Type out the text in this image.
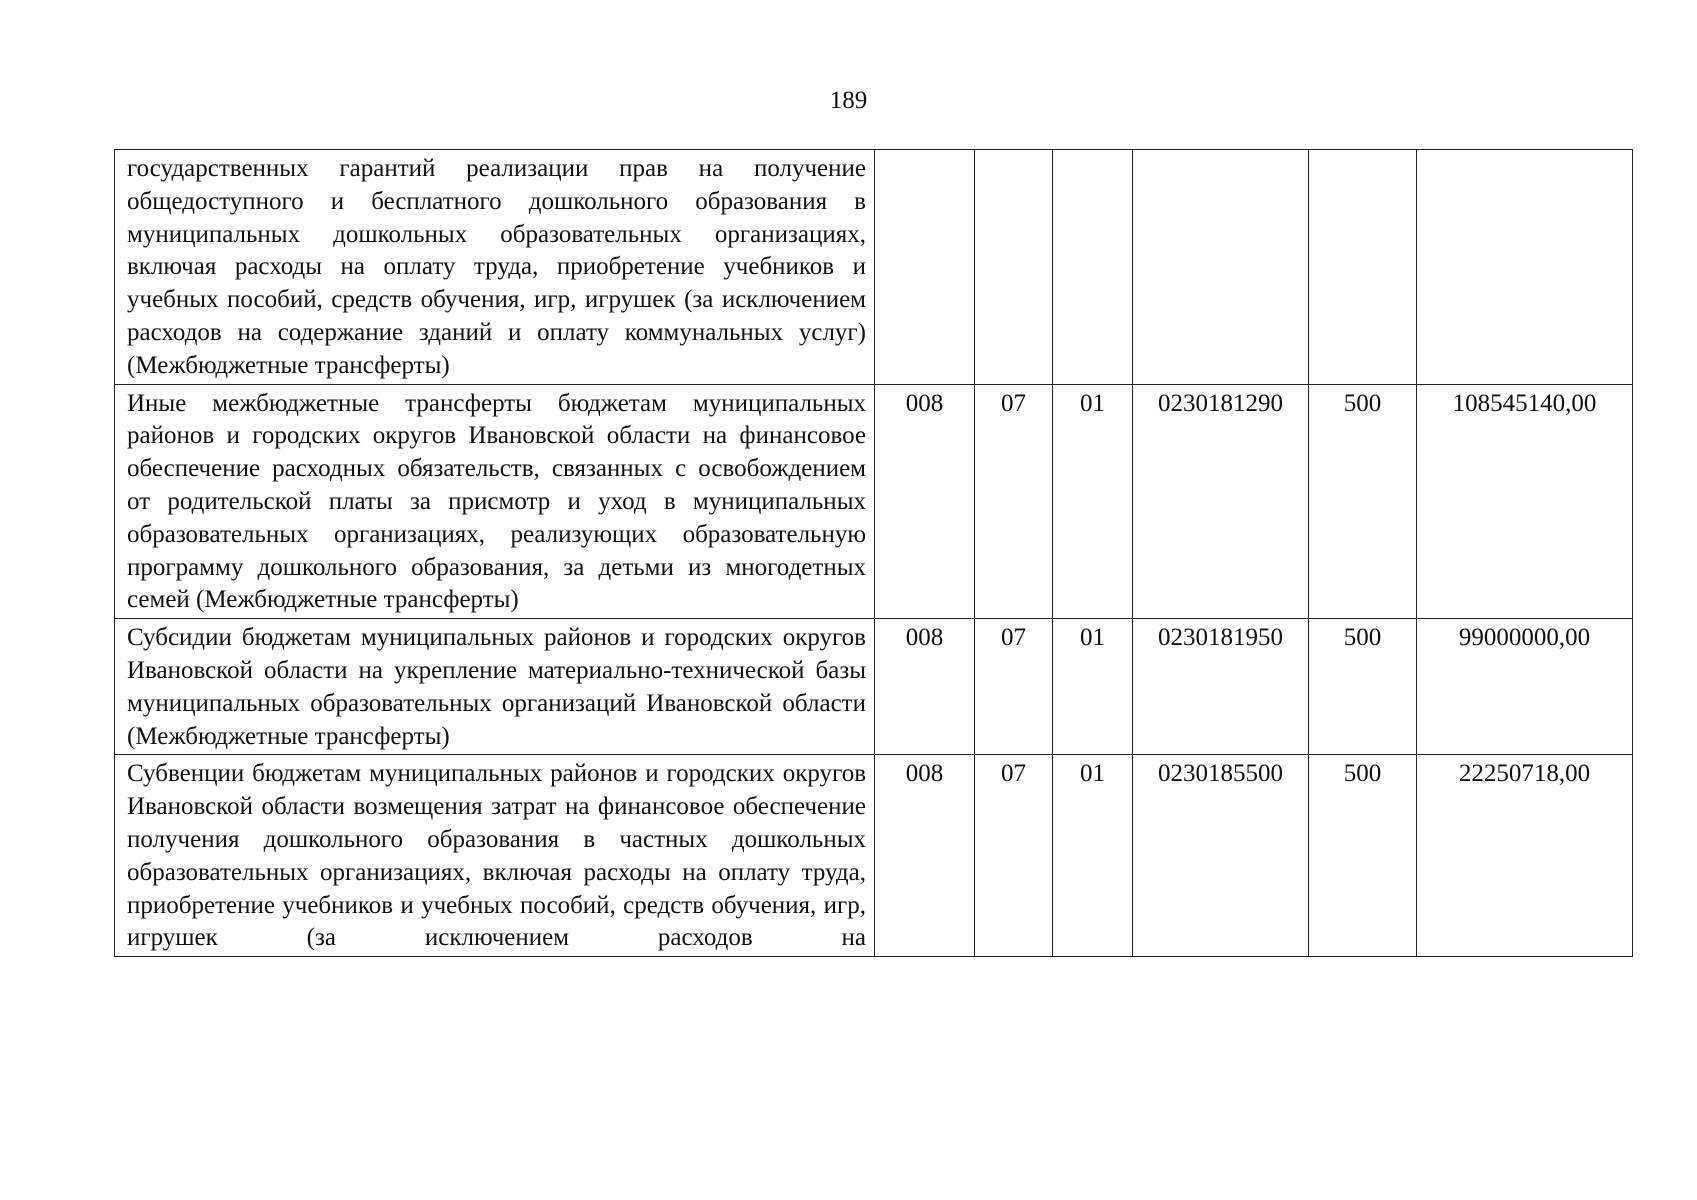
189
государственных гарантий реализации прав на получение общедоступного и бесплатного дошкольного образования в муниципальных дошкольных образовательных организациях, включая расходы на оплату труда, приобретение учебников и учебных пособий, средств обучения, игр, игрушек (за исключением расходов на содержание зданий и оплату коммунальных услуг) (Межбюджетные трансферты)						
Иные межбюджетные трансферты бюджетам муниципальных районов и городских округов Ивановской области на финансовое обеспечение расходных обязательств, связанных с освобождением от родительской платы за присмотр и уход в муниципальных образовательных организациях, реализующих образовательную программу дошкольного образования, за детьми из многодетных семей (Межбюджетные трансферты)	008	07	01	0230181290	500	108545140,00
Субсидии бюджетам муниципальных районов и городских округов Ивановской области на укрепление материально-технической базы муниципальных образовательных организаций Ивановской области (Межбюджетные трансферты)	008	07	01	0230181950	500	99000000,00
Субвенции бюджетам муниципальных районов и городских округов Ивановской области возмещения затрат на финансовое обеспечение получения дошкольного образования в частных дошкольных образовательных организациях, включая расходы на оплату труда, приобретение учебников и учебных пособий, средств обучения, игр, игрушек (за исключением расходов на	008	07	01	0230185500	500	22250718,00
